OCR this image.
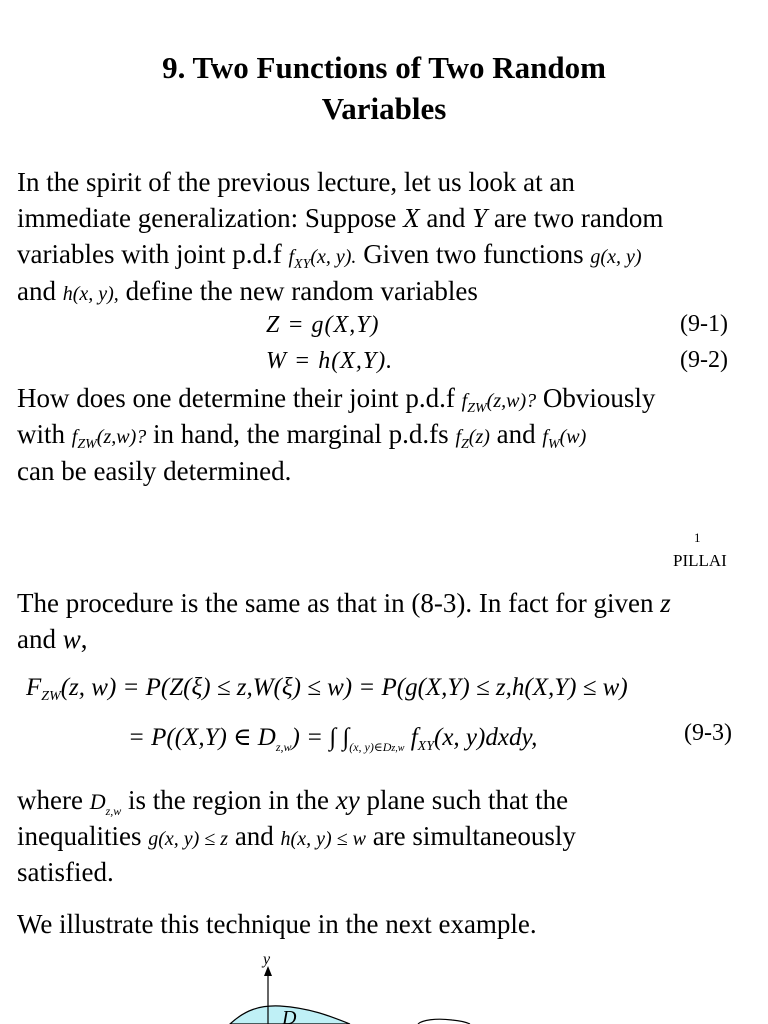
9. Two Functions of Two Random
Variables
In the spirit of the previous lecture, let us look at an
immediate generalization: Suppose X and Y are two random
variables with joint p.d.f $f_{XY}(x$, y). Given two functions g(x, y)
and h(x, y), define the new random variables
Z = g(X,Y)	(9-1)
W = h(X,Y).	(9-2)
How does one determine their joint p.d.f $f_{ZW}(z,w)$? Obviously
with $f_{ZW}(z,w)$? in hand, the marginal p.d.fs $f_Z(z)$ and $f_W(w)$
can be easily determined.
1
PILLAI
The procedure is the same as that in (8-3). In fact for given z
and w,
$F_{ZW}(z$, w) = P(Z(ξ) ≤ z,W(ξ) ≤ w) = P(g(X,Y) ≤ z,h(X,Y) ≤ w)
= P((X,Y) ∈ $D_{z,w}$) = ∫ $\int_{(x, y)\in Dz,w}$ $f_{XY}(x$, y)dxdy,	(9-3)
where $D_{z,w}$ is the region in the xy plane such that the
inequalities g(x, y) ≤ z and h(x, y) ≤ w are simultaneously
satisfied.
We illustrate this technique in the next example.
y
D
